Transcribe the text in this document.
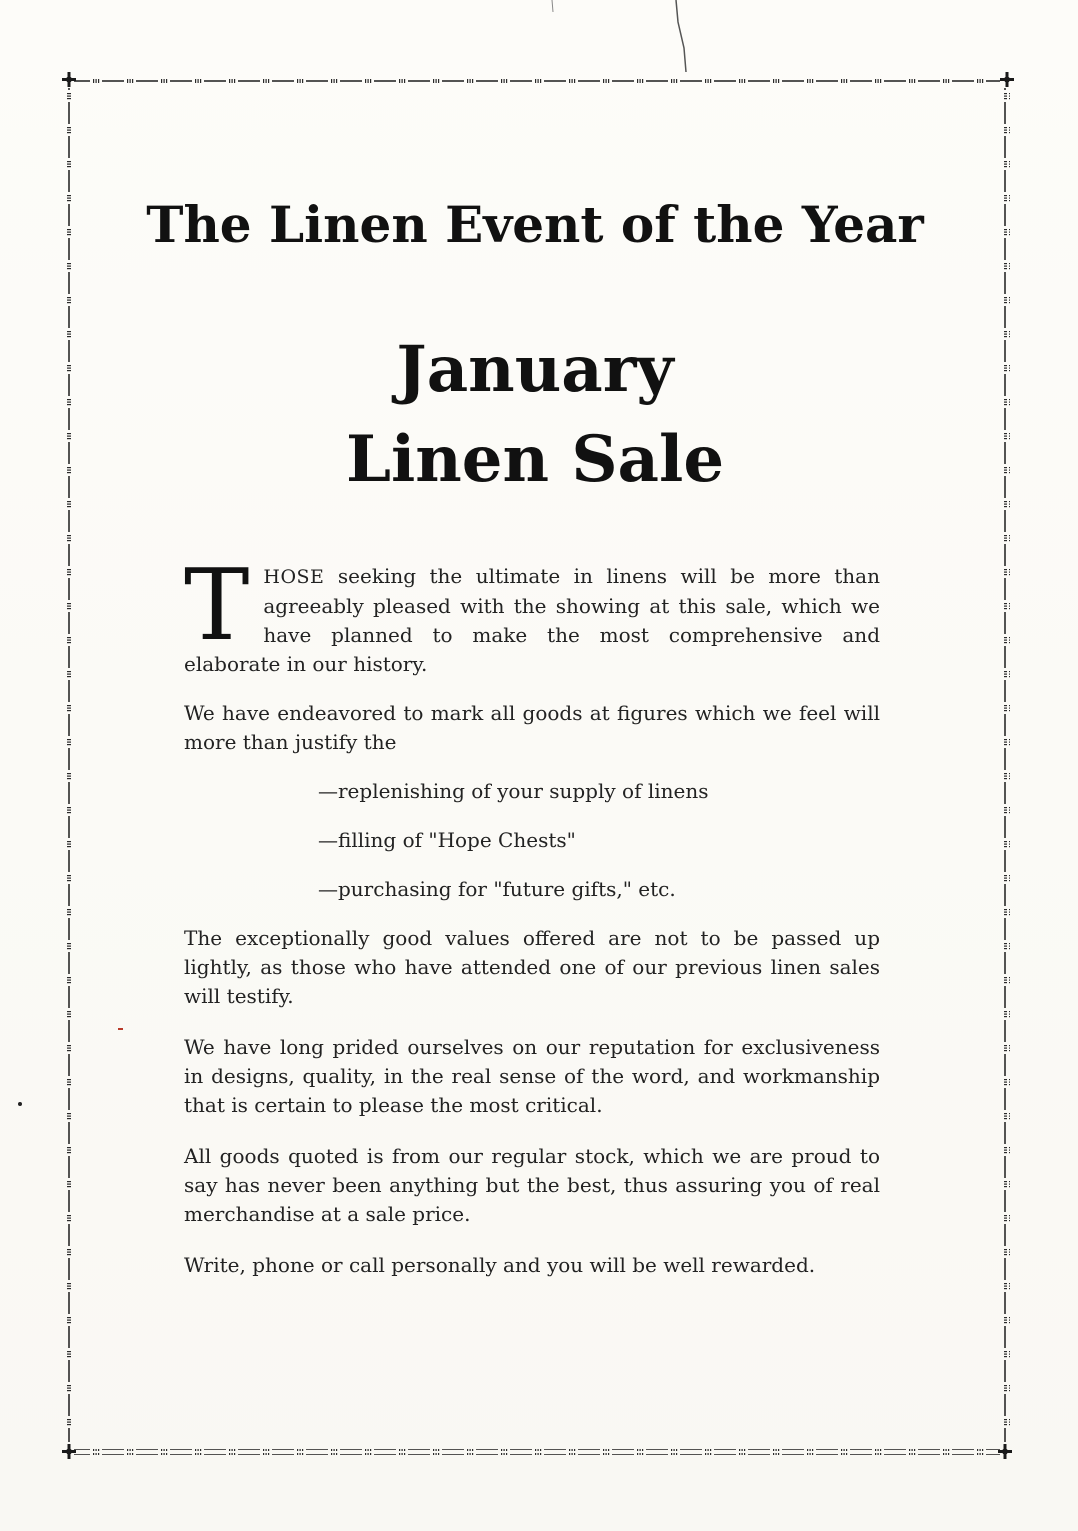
The Linen Event of the Year
January
Linen Sale

THOSE seeking the ultimate in linens will be more than agreeably pleased with the showing at this sale, which we have planned to make the most comprehensive and elaborate in our history.

We have endeavored to mark all goods at figures which we feel will more than justify the

—replenishing of your supply of linens

—filling of "Hope Chests"

—purchasing for "future gifts," etc.

The exceptionally good values offered are not to be passed up lightly, as those who have attended one of our previous linen sales will testify.

We have long prided ourselves on our reputation for exclusiveness in designs, quality, in the real sense of the word, and workmanship that is certain to please the most critical.

All goods quoted is from our regular stock, which we are proud to say has never been anything but the best, thus assuring you of real merchandise at a sale price.

Write, phone or call personally and you will be well rewarded.
